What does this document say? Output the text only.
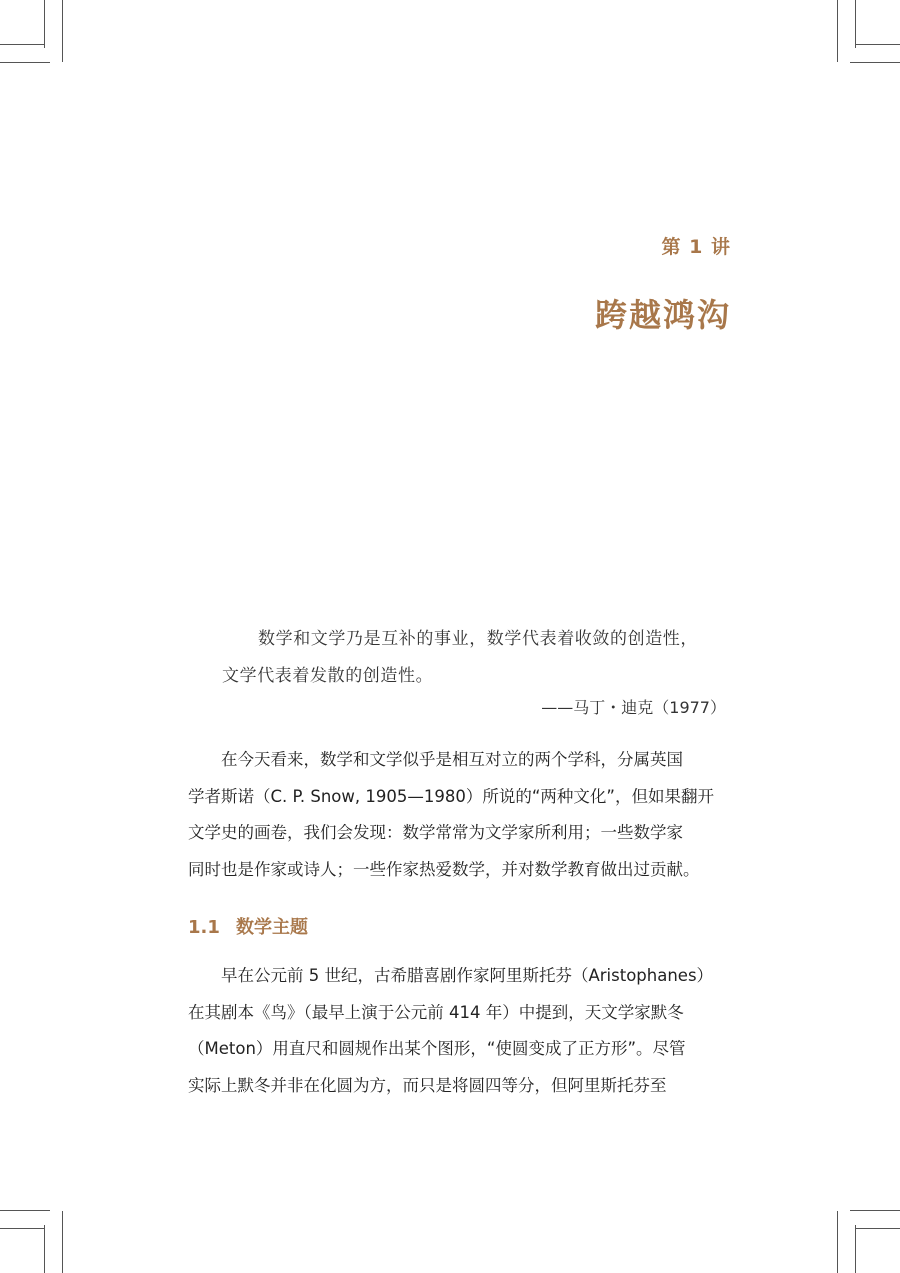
第 1 讲
跨越鸿沟
数学和文学乃是互补的事业，数学代表着收敛的创造性，
文学代表着发散的创造性。
——马丁・迪克（1977）
　　在今天看来，数学和文学似乎是相互对立的两个学科，分属英国
学者斯诺（C. P. Snow, 1905—1980）所说的“两种文化”，但如果翻开
文学史的画卷，我们会发现：数学常常为文学家所利用；一些数学家
同时也是作家或诗人；一些作家热爱数学，并对数学教育做出过贡献。
1.1 数学主题
　　早在公元前 5 世纪，古希腊喜剧作家阿里斯托芬（Aristophanes）
在其剧本《鸟》（最早上演于公元前 414 年）中提到，天文学家默冬
（Meton）用直尺和圆规作出某个图形，“使圆变成了正方形”。尽管
实际上默冬并非在化圆为方，而只是将圆四等分，但阿里斯托芬至
